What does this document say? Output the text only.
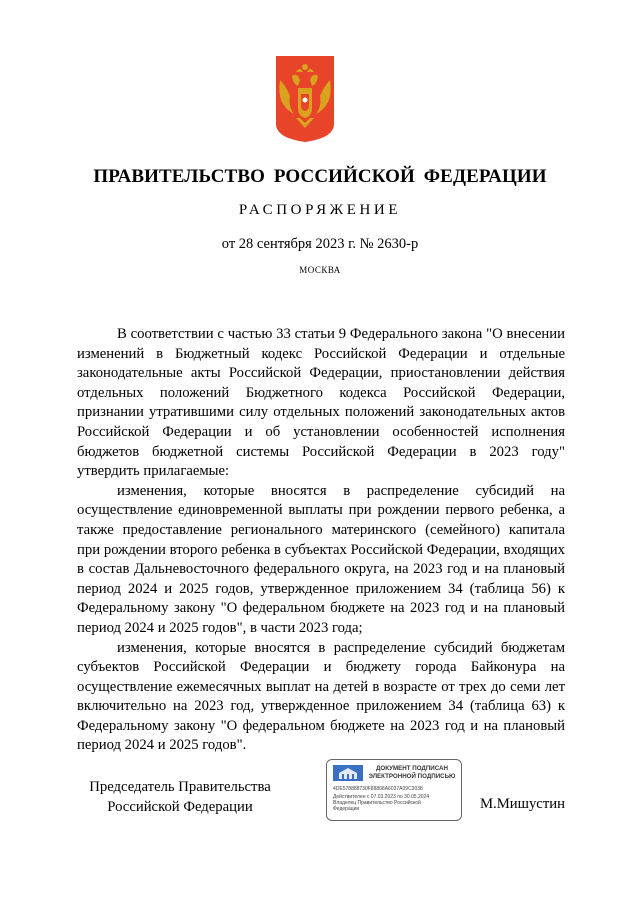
ПРАВИТЕЛЬСТВО РОССИЙСКОЙ ФЕДЕРАЦИИ
РАСПОРЯЖЕНИЕ
от 28 сентября 2023 г. № 2630-р
МОСКВА

В соответствии с частью 33 статьи 9 Федерального закона "О внесении изменений в Бюджетный кодекс Российской Федерации и отдельные законодательные акты Российской Федерации, приостановлении действия отдельных положений Бюджетного кодекса Российской Федерации, признании утратившими силу отдельных положений законодательных актов Российской Федерации и об установлении особенностей исполнения бюджетов бюджетной системы Российской Федерации в 2023 году" утвердить прилагаемые:

изменения, которые вносятся в распределение субсидий на осуществление единовременной выплаты при рождении первого ребенка, а также предоставление регионального материнского (семейного) капитала при рождении второго ребенка в субъектах Российской Федерации, входящих в состав Дальневосточного федерального округа, на 2023 год и на плановый период 2024 и 2025 годов, утвержденное приложением 34 (таблица 56) к Федеральному закону "О федеральном бюджете на 2023 год и на плановый период 2024 и 2025 годов", в части 2023 года;

изменения, которые вносятся в распределение субсидий бюджетам субъектов Российской Федерации и бюджету города Байконура на осуществление ежемесячных выплат на детей в возрасте от трех до семи лет включительно на 2023 год, утвержденное приложением 34 (таблица 63) к Федеральному закону "О федеральном бюджете на 2023 год и на плановый период 2024 и 2025 годов".

Председатель Правительства
Российской Федерации
ДОКУМЕНТ ПОДПИСАН
ЭЛЕКТРОННОЙ ПОДПИСЬЮ
4DE578888730F88808A6037A09C3038
Действителен с 07.03.2023 по 30.05.2024
Владелец Правительство Российской
Федерации	М.Мишустин
